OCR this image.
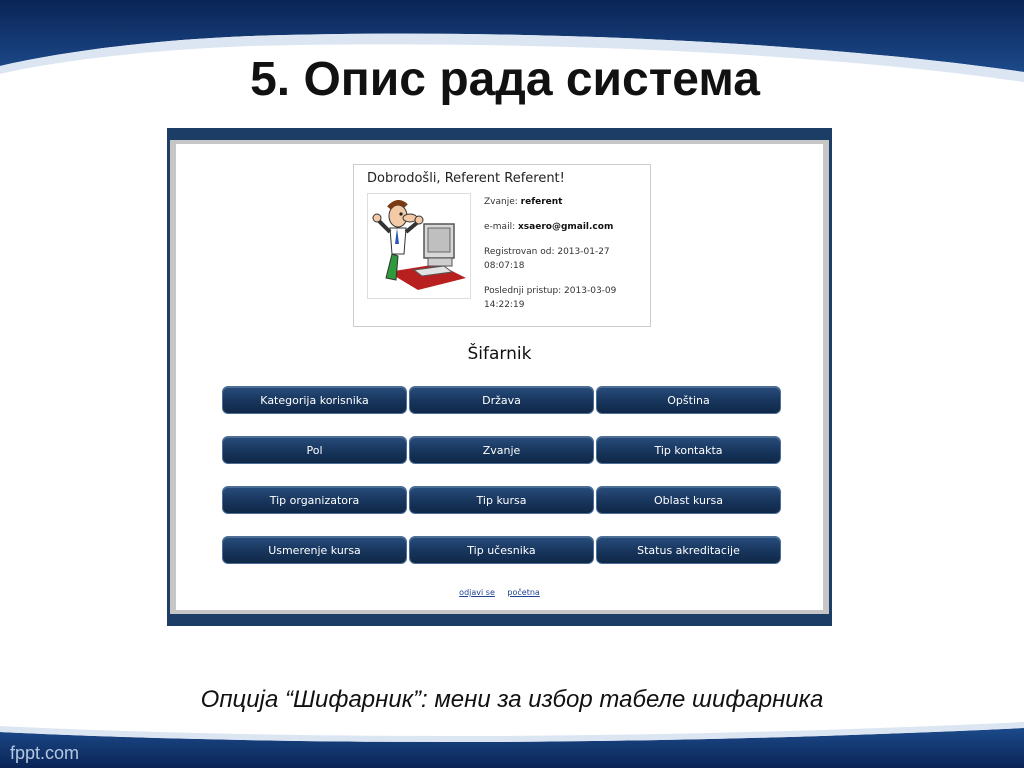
fppt.com
5. Опис рада система
Dobrodošli, Referent Referent!
Zvanje: referent
e-mail: xsaero@gmail.com
Registrovan od: 2013-01-27
08:07:18
Poslednji pristup: 2013-03-09
14:22:19
Šifarnik
Kategorija korisnika	Država	Opština
Pol	Zvanje	Tip kontakta
Tip organizatora	Tip kursa	Oblast kursa
Usmerenje kursa	Tip učesnika	Status akreditacije
odjavi se početna
Опција “Шифарник”: мени за избор табеле шифарника
